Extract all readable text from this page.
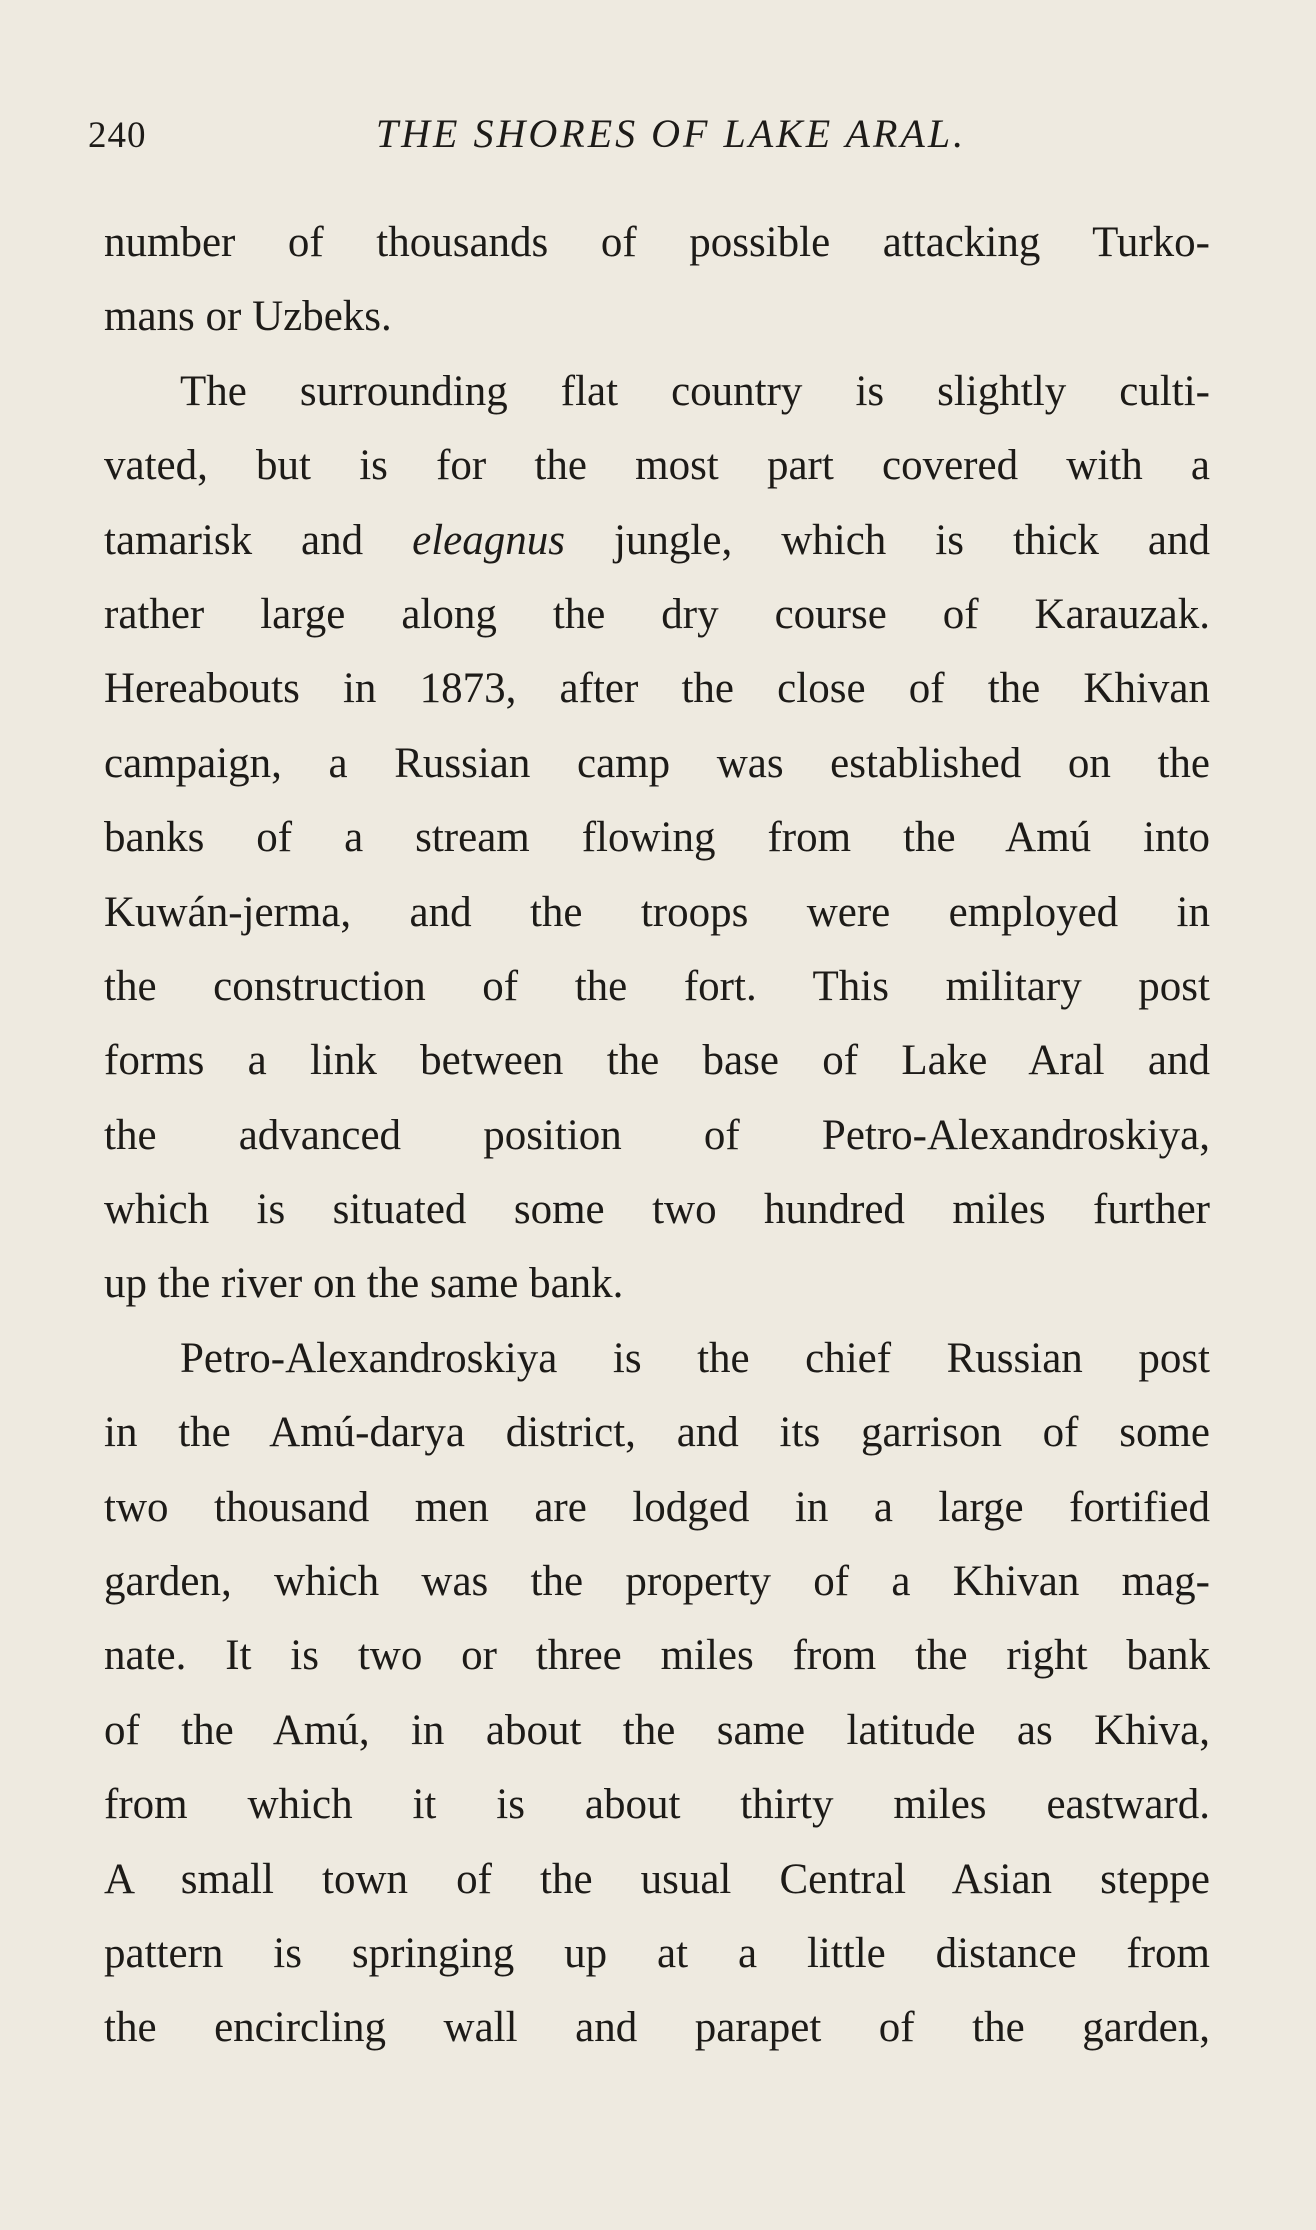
240	THE SHORES OF LAKE ARAL.
number of thousands of possible attacking Turko-
mans or Uzbeks.
The surrounding flat country is slightly culti-
vated, but is for the most part covered with a
tamarisk and eleagnus jungle, which is thick and
rather large along the dry course of Karauzak.
Hereabouts in 1873, after the close of the Khivan
campaign, a Russian camp was established on the
banks of a stream flowing from the Amú into
Kuwán-jerma, and the troops were employed in
the construction of the fort. This military post
forms a link between the base of Lake Aral and
the advanced position of Petro-Alexandroskiya,
which is situated some two hundred miles further
up the river on the same bank.
Petro-Alexandroskiya is the chief Russian post
in the Amú-darya district, and its garrison of some
two thousand men are lodged in a large fortified
garden, which was the property of a Khivan mag-
nate. It is two or three miles from the right bank
of the Amú, in about the same latitude as Khiva,
from which it is about thirty miles eastward.
A small town of the usual Central Asian steppe
pattern is springing up at a little distance from
the encircling wall and parapet of the garden,
